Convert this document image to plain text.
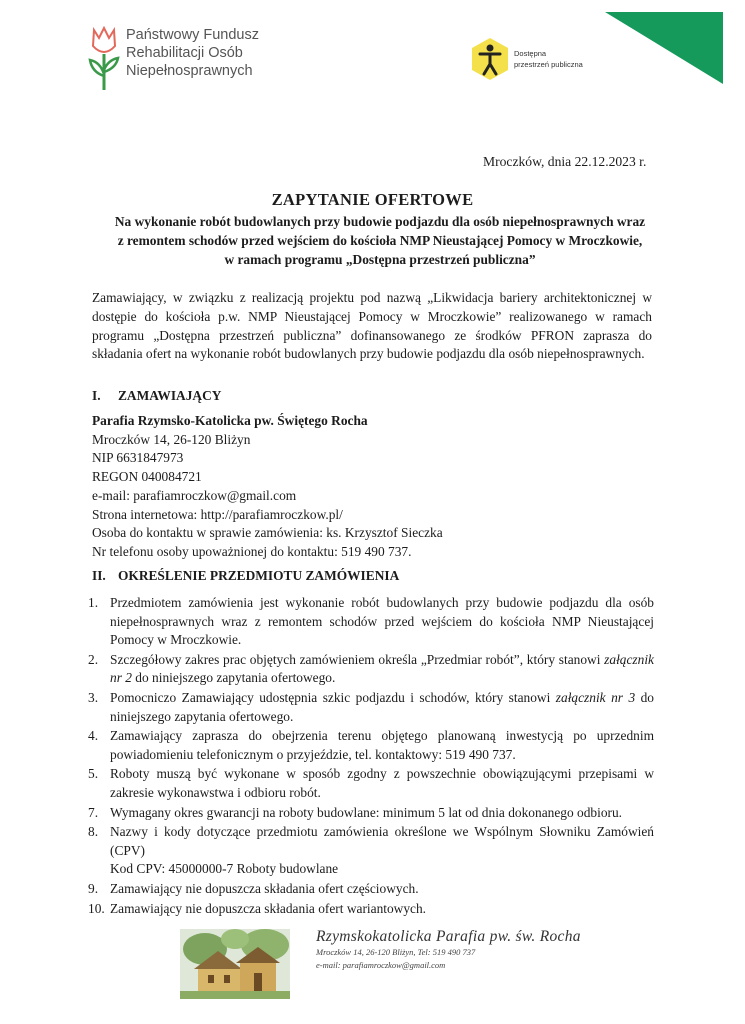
Państwowy Fundusz
Rehabilitacji Osób
Niepełnosprawnych
Dostępna
przestrzeń publiczna
Mroczków, dnia 22.12.2023 r.
ZAPYTANIE OFERTOWE
Na wykonanie robót budowlanych przy budowie podjazdu dla osób niepełnosprawnych wraz
z remontem schodów przed wejściem do kościoła NMP Nieustającej Pomocy w Mroczkowie,
w ramach programu „Dostępna przestrzeń publiczna”
Zamawiający, w związku z realizacją projektu pod nazwą „Likwidacja bariery architektonicznej w dostępie do kościoła p.w. NMP Nieustającej Pomocy w Mroczkowie” realizowanego w ramach programu „Dostępna przestrzeń publiczna” dofinansowanego ze środków PFRON zaprasza do składania ofert na wykonanie robót budowlanych przy budowie podjazdu dla osób niepełnosprawnych.
I. ZAMAWIAJĄCY
Parafia Rzymsko-Katolicka pw. Świętego Rocha
Mroczków 14, 26-120 Bliżyn
NIP 6631847973
REGON 040084721
e-mail: parafiamroczkow@gmail.com
Strona internetowa: http://parafiamroczkow.pl/
Osoba do kontaktu w sprawie zamówienia: ks. Krzysztof Sieczka
Nr telefonu osoby upoważnionej do kontaktu: 519 490 737.
II. OKREŚLENIE PRZEDMIOTU ZAMÓWIENIA
1. Przedmiotem zamówienia jest wykonanie robót budowlanych przy budowie podjazdu dla osób niepełnosprawnych wraz z remontem schodów przed wejściem do kościoła NMP Nieustającej Pomocy w Mroczkowie.
2. Szczegółowy zakres prac objętych zamówieniem określa „Przedmiar robót”, który stanowi załącznik nr 2 do niniejszego zapytania ofertowego.
3. Pomocniczo Zamawiający udostępnia szkic podjazdu i schodów, który stanowi załącznik nr 3 do niniejszego zapytania ofertowego.
4. Zamawiający zaprasza do obejrzenia terenu objętego planowaną inwestycją po uprzednim powiadomieniu telefonicznym o przyjeździe, tel. kontaktowy: 519 490 737.
5. Roboty muszą być wykonane w sposób zgodny z powszechnie obowiązującymi przepisami w zakresie wykonawstwa i odbioru robót.
7. Wymagany okres gwarancji na roboty budowlane: minimum 5 lat od dnia dokonanego odbioru.
8. Nazwy i kody dotyczące przedmiotu zamówienia określone we Wspólnym Słowniku Zamówień (CPV)
Kod CPV: 45000000-7 Roboty budowlane
9. Zamawiający nie dopuszcza składania ofert częściowych.
10. Zamawiający nie dopuszcza składania ofert wariantowych.
Rzymskokatolicka Parafia pw. św. Rocha
Mroczków 14, 26-120 Bliżyn, Tel: 519 490 737
e-mail: parafiamroczkow@gmail.com
